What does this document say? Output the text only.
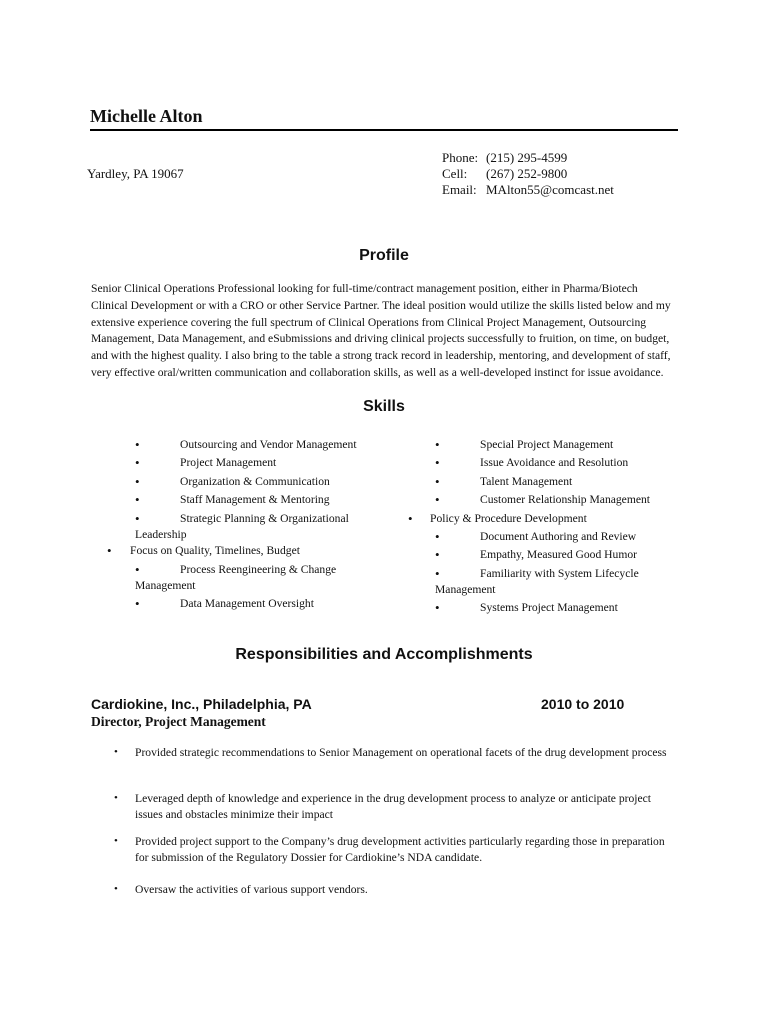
Michelle Alton
Yardley, PA 19067
Phone: (215) 295-4599
Cell: (267) 252-9800
Email: MAlton55@comcast.net
Profile
Senior Clinical Operations Professional looking for full-time/contract management position, either in Pharma/Biotech Clinical Development or with a CRO or other Service Partner. The ideal position would utilize the skills listed below and my extensive experience covering the full spectrum of Clinical Operations from Clinical Project Management, Outsourcing Management, Data Management, and eSubmissions and driving clinical projects successfully to fruition, on time, on budget, and with the highest quality. I also bring to the table a strong track record in leadership, mentoring, and development of staff, very effective oral/written communication and collaboration skills, as well as a well-developed instinct for issue avoidance.
Skills
•	Outsourcing and Vendor Management
•	Project Management
•	Organization & Communication
•	Staff Management & Mentoring
•	Strategic Planning & Organizational Leadership
•	Focus on Quality, Timelines, Budget
•	Process Reengineering & Change Management
•	Data Management Oversight
•	Special Project Management
•	Issue Avoidance and Resolution
•	Talent Management
•	Customer Relationship Management
•	Policy & Procedure Development
•	Document Authoring and Review
•	Empathy, Measured Good Humor
•	Familiarity with System Lifecycle Management
•	Systems Project Management
Responsibilities and Accomplishments
Cardiokine, Inc., Philadelphia, PA	2010 to 2010
Director, Project Management
•	Provided strategic recommendations to Senior Management on operational facets of the drug development process
•	Leveraged depth of knowledge and experience in the drug development process to analyze or anticipate project issues and obstacles minimize their impact
•	Provided project support to the Company’s drug development activities particularly regarding those in preparation for submission of the Regulatory Dossier for Cardiokine’s NDA candidate.
•	Oversaw the activities of various support vendors.
